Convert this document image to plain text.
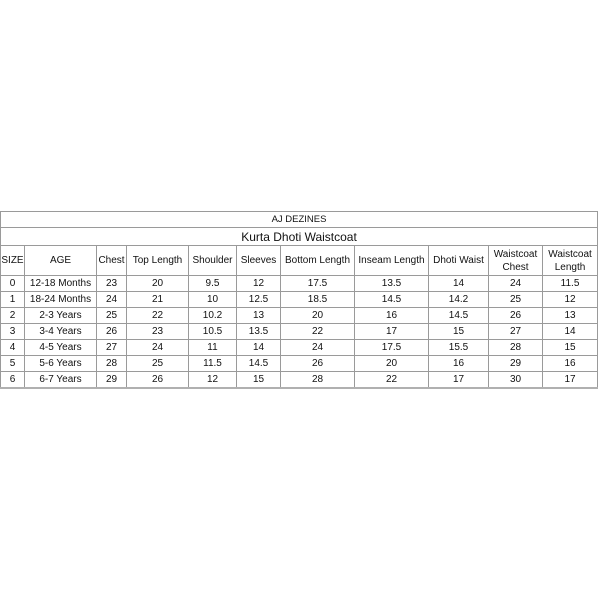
AJ DEZINES										
Kurta Dhoti Waistcoat										
SIZE	AGE	Chest	Top Length	Shoulder	Sleeves	Bottom Length	Inseam Length	Dhoti Waist	Waistcoat Chest	Waistcoat Length
0	12-18 Months	23	20	9.5	12	17.5	13.5	14	24	11.5
1	18-24 Months	24	21	10	12.5	18.5	14.5	14.2	25	12
2	2-3 Years	25	22	10.2	13	20	16	14.5	26	13
3	3-4 Years	26	23	10.5	13.5	22	17	15	27	14
4	4-5 Years	27	24	11	14	24	17.5	15.5	28	15
5	5-6 Years	28	25	11.5	14.5	26	20	16	29	16
6	6-7 Years	29	26	12	15	28	22	17	30	17
